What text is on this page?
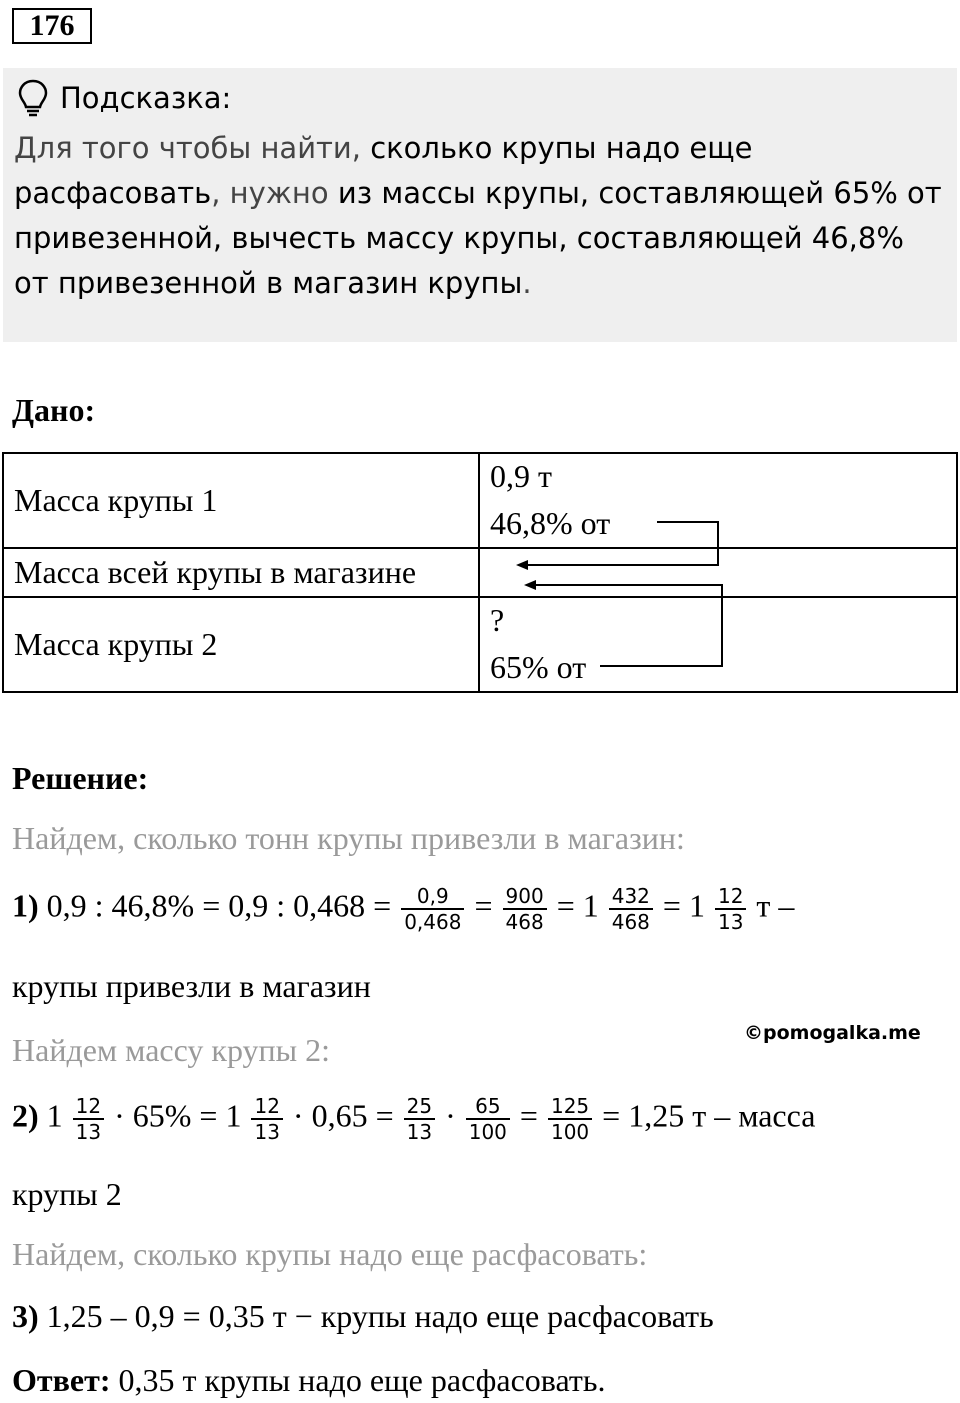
176
Подсказка:
Для того чтобы найти, сколько крупы надо еще расфасовать, нужно из массы крупы, составляющей 65% от привезенной, вычесть массу крупы, составляющей 46,8% от привезенной в магазин крупы.
Дано:
Масса крупы 1
0,9 т
46,8% от
Масса всей крупы в магазине
Масса крупы 2
?
65% от
Решение:
Найдем, сколько тонн крупы привезли в магазин:
1) 0,9 : 46,8% = 0,9 : $0,468 = \frac{0,9}{0,468} = \frac{900}{468} = 1 \frac{432}{468} = 1 \frac{12}{13}$ т –
крупы привезли в магазин
©pomogalka.me
Найдем массу крупы 2:
2) $1 \frac{12}{13} \cdot 65\% = 1 \frac{12}{13} \cdot 0,65 = \frac{25}{13} \cdot \frac{65}{100} = \frac{125}{100} = 1,25$ т – масса
крупы 2
Найдем, сколько крупы надо еще расфасовать:
3) 1,25 – 0,9 = 0,35 т − крупы надо еще расфасовать
Ответ: 0,35 т крупы надо еще расфасовать.
